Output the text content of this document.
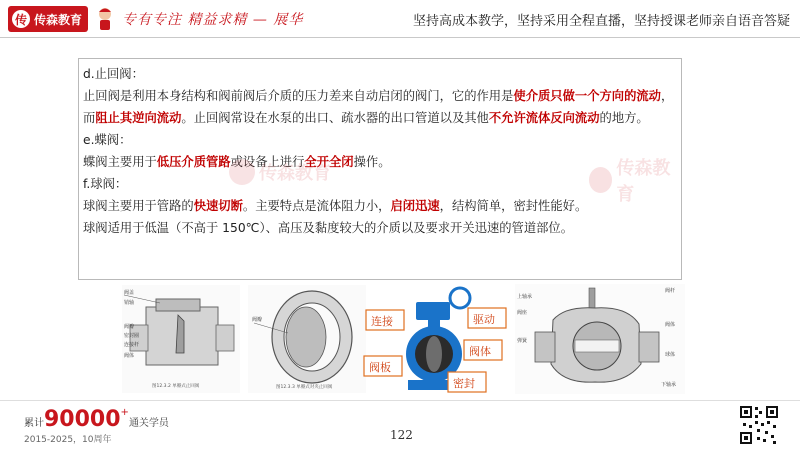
传 传森教育	专有专注 精益求精 — 展华	坚持高成本教学，坚持采用全程直播，坚持授课老师亲自语音答疑
传森教育	传森教育

d.止回阀：

止回阀是利用本身结构和阀前阀后介质的压力差来自动启闭的阀门，它的作用是使介质只做一个方向的流动，而阻止其逆向流动。止回阀常设在水泵的出口、疏水器的出口管道以及其他不允许流体反向流动的地方。

e.蝶阀：

蝶阀主要用于低压介质管路或设备上进行全开全闭操作。

f.球阀：

球阀主要用于管路的快速切断。主要特点是流体阻力小，启闭迅速，结构简单，密封性能好。

球阀适用于低温（不高于 150℃）、高压及黏度较大的介质以及要求开关迅速的管道部位。

阀盖
销轴
阀瓣
密封圈
连接杆
阀体
图12.3.2 单瓣式止回阀
阀瓣
图12.3.3 单瓣式对夹止回阀
连接	驱动
阀体
阀板
密封
上轴承
阀座
弹簧
阀杆
阀体
球体
下轴承
累计90000+通关学员
2015-2025，10周年	122
